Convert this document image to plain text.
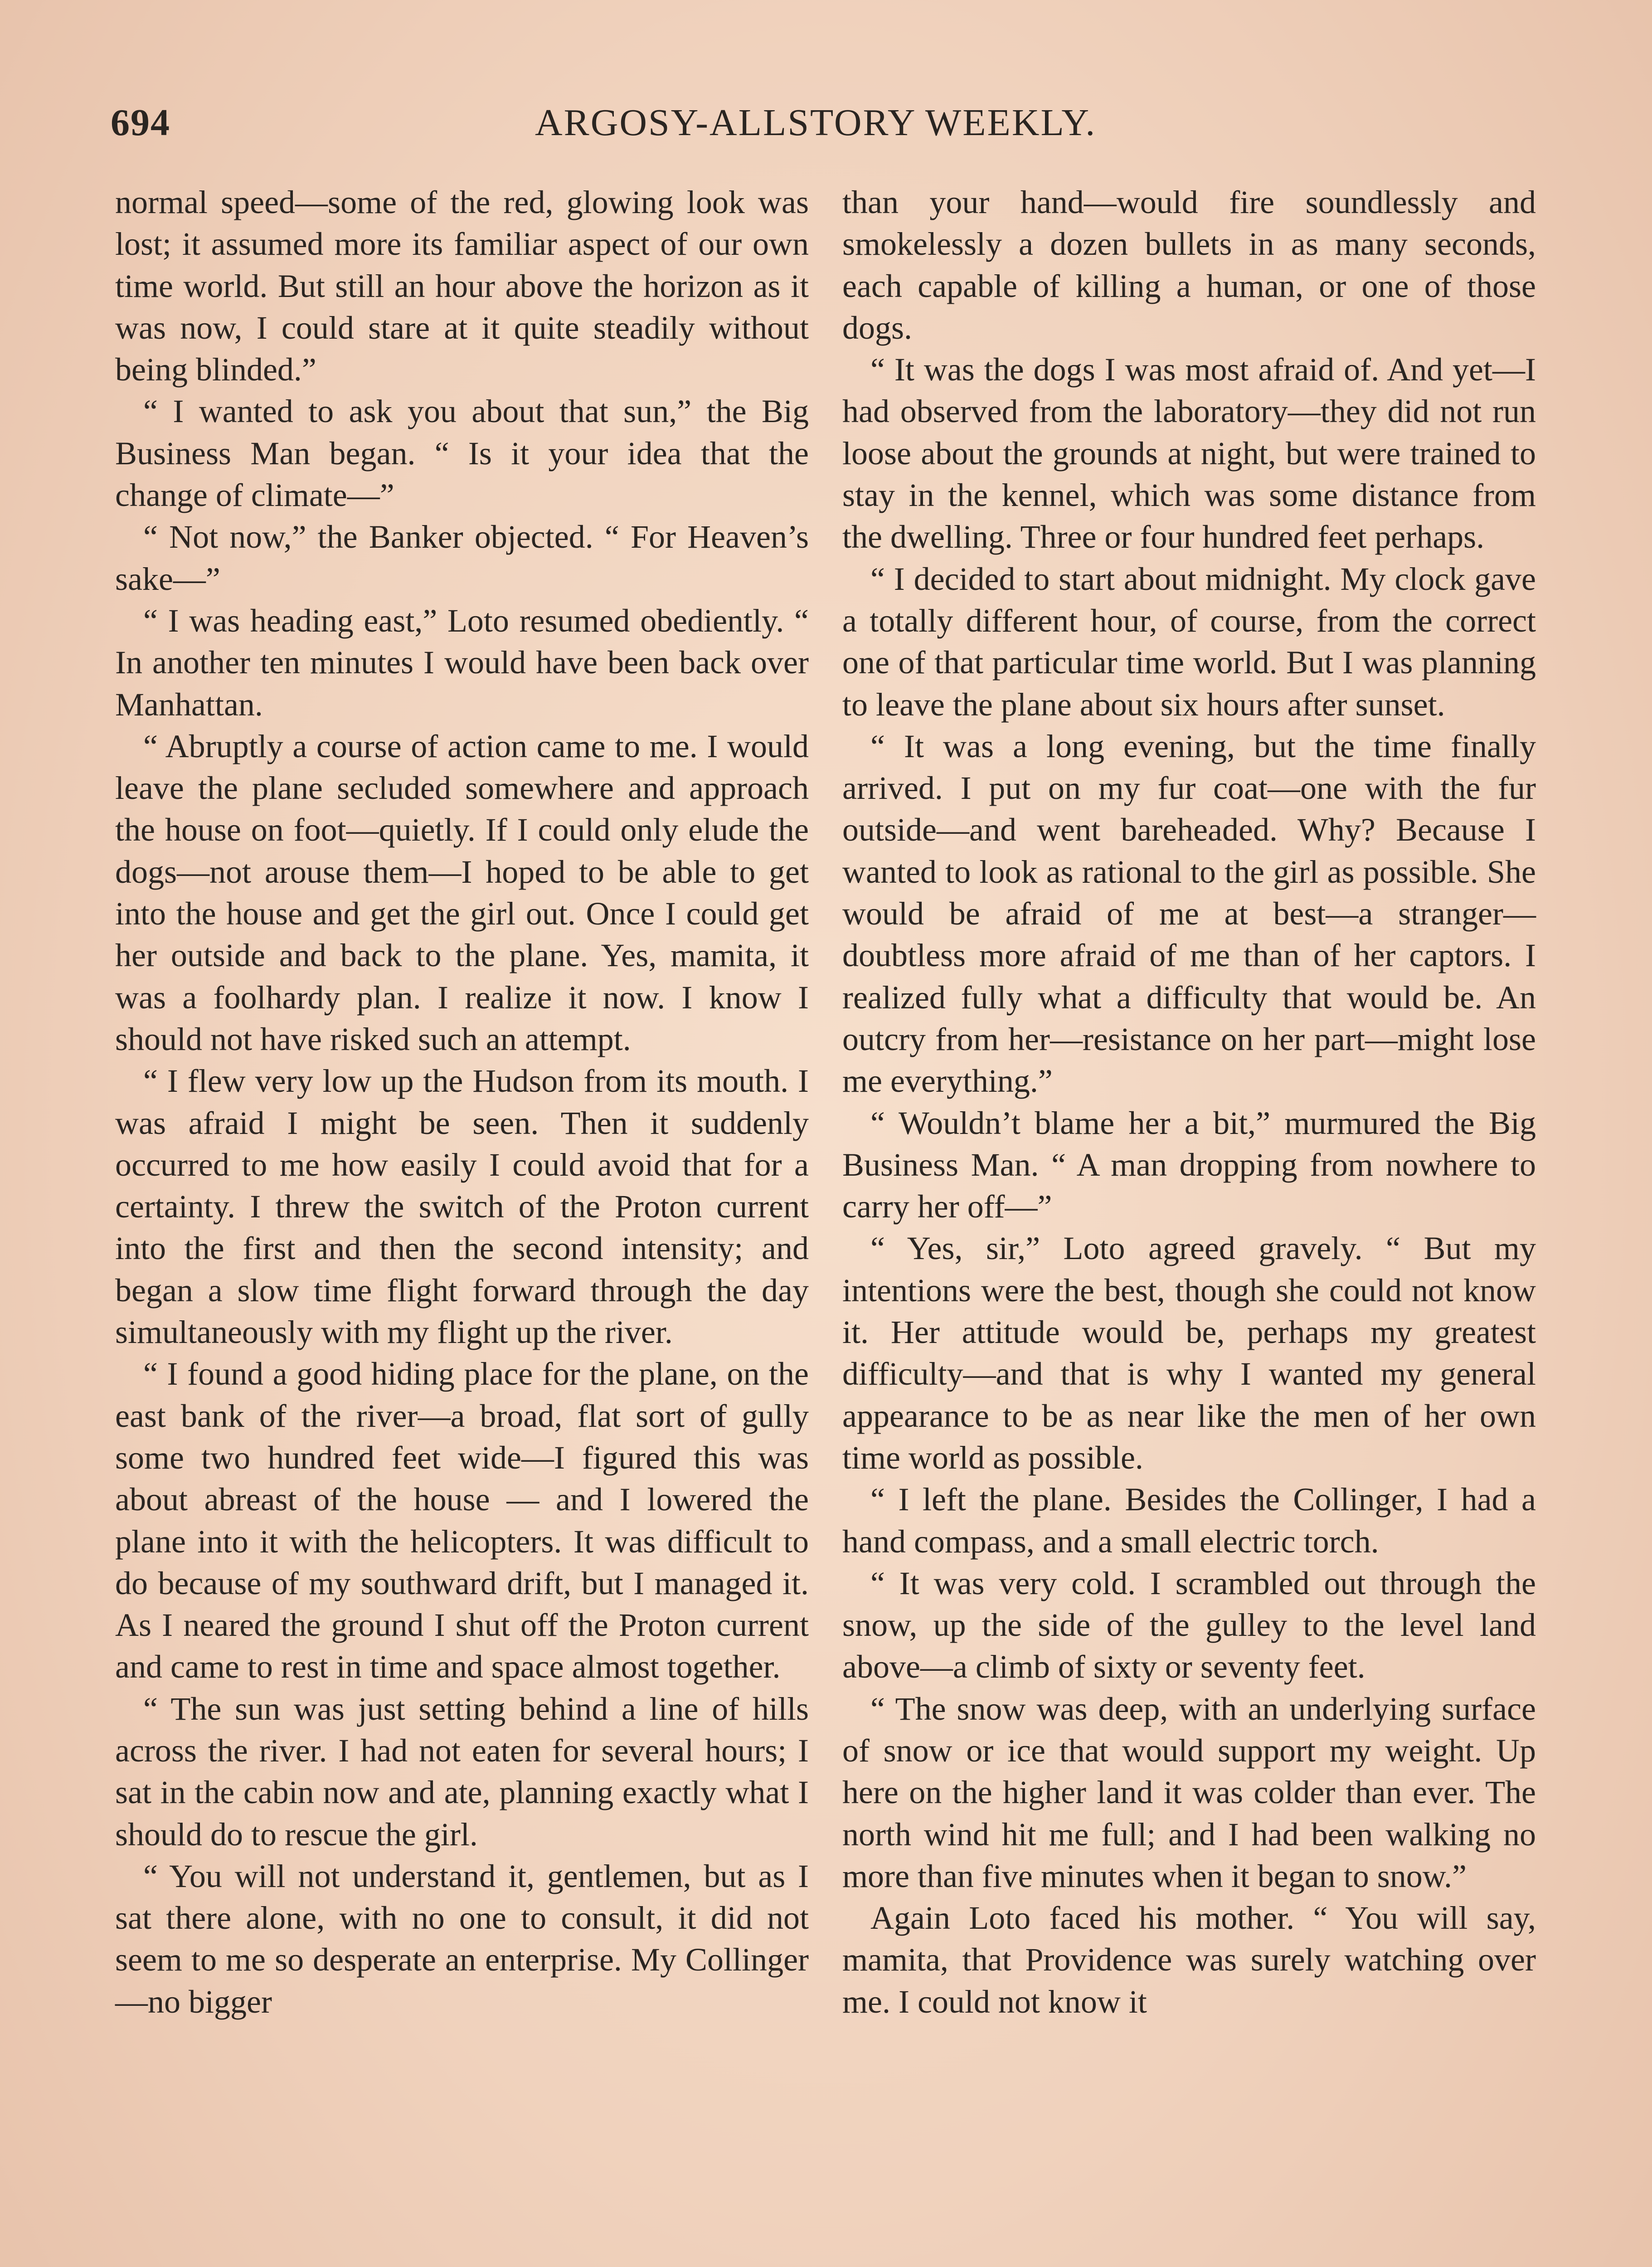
694	ARGOSY-ALLSTORY WEEKLY.

normal speed—some of the red, glowing look was lost; it assumed more its familiar aspect of our own time world. But still an hour above the horizon as it was now, I could stare at it quite steadily without being blinded.”

“ I wanted to ask you about that sun,” the Big Business Man began. “ Is it your idea that the change of climate—”

“ Not now,” the Banker objected. “ For Heaven’s sake—”

“ I was heading east,” Loto resumed obediently. “ In another ten minutes I would have been back over Manhattan.

“ Abruptly a course of action came to me. I would leave the plane secluded somewhere and approach the house on foot—quietly. If I could only elude the dogs—not arouse them—I hoped to be able to get into the house and get the girl out. Once I could get her outside and back to the plane. Yes, mamita, it was a foolhardy plan. I realize it now. I know I should not have risked such an attempt.

“ I flew very low up the Hudson from its mouth. I was afraid I might be seen. Then it suddenly occurred to me how easily I could avoid that for a certainty. I threw the switch of the Proton current into the first and then the second intensity; and began a slow time flight forward through the day simultaneously with my flight up the river.

“ I found a good hiding place for the plane, on the east bank of the river—a broad, flat sort of gully some two hundred feet wide—I figured this was about abreast of the house — and I lowered the plane into it with the helicopters. It was difficult to do because of my southward drift, but I managed it. As I neared the ground I shut off the Proton current and came to rest in time and space almost together.

“ The sun was just setting behind a line of hills across the river. I had not eaten for several hours; I sat in the cabin now and ate, planning exactly what I should do to rescue the girl.

“ You will not understand it, gentlemen, but as I sat there alone, with no one to consult, it did not seem to me so desperate an enterprise. My Collinger—no bigger

than your hand—would fire soundlessly and smokelessly a dozen bullets in as many seconds, each capable of killing a human, or one of those dogs.

“ It was the dogs I was most afraid of. And yet—I had observed from the laboratory—they did not run loose about the grounds at night, but were trained to stay in the kennel, which was some distance from the dwelling. Three or four hundred feet perhaps.

“ I decided to start about midnight. My clock gave a totally different hour, of course, from the correct one of that particular time world. But I was planning to leave the plane about six hours after sunset.

“ It was a long evening, but the time finally arrived. I put on my fur coat—one with the fur outside—and went bareheaded. Why? Because I wanted to look as rational to the girl as possible. She would be afraid of me at best—a stranger—doubtless more afraid of me than of her captors. I realized fully what a difficulty that would be. An outcry from her—resistance on her part—might lose me everything.”

“ Wouldn’t blame her a bit,” murmured the Big Business Man. “ A man dropping from nowhere to carry her off—”

“ Yes, sir,” Loto agreed gravely. “ But my intentions were the best, though she could not know it. Her attitude would be, perhaps my greatest difficulty—and that is why I wanted my general appearance to be as near like the men of her own time world as possible.

“ I left the plane. Besides the Collinger, I had a hand compass, and a small electric torch.

“ It was very cold. I scrambled out through the snow, up the side of the gulley to the level land above—a climb of sixty or seventy feet.

“ The snow was deep, with an underlying surface of snow or ice that would support my weight. Up here on the higher land it was colder than ever. The north wind hit me full; and I had been walking no more than five minutes when it began to snow.”

Again Loto faced his mother. “ You will say, mamita, that Providence was surely watching over me. I could not know it
